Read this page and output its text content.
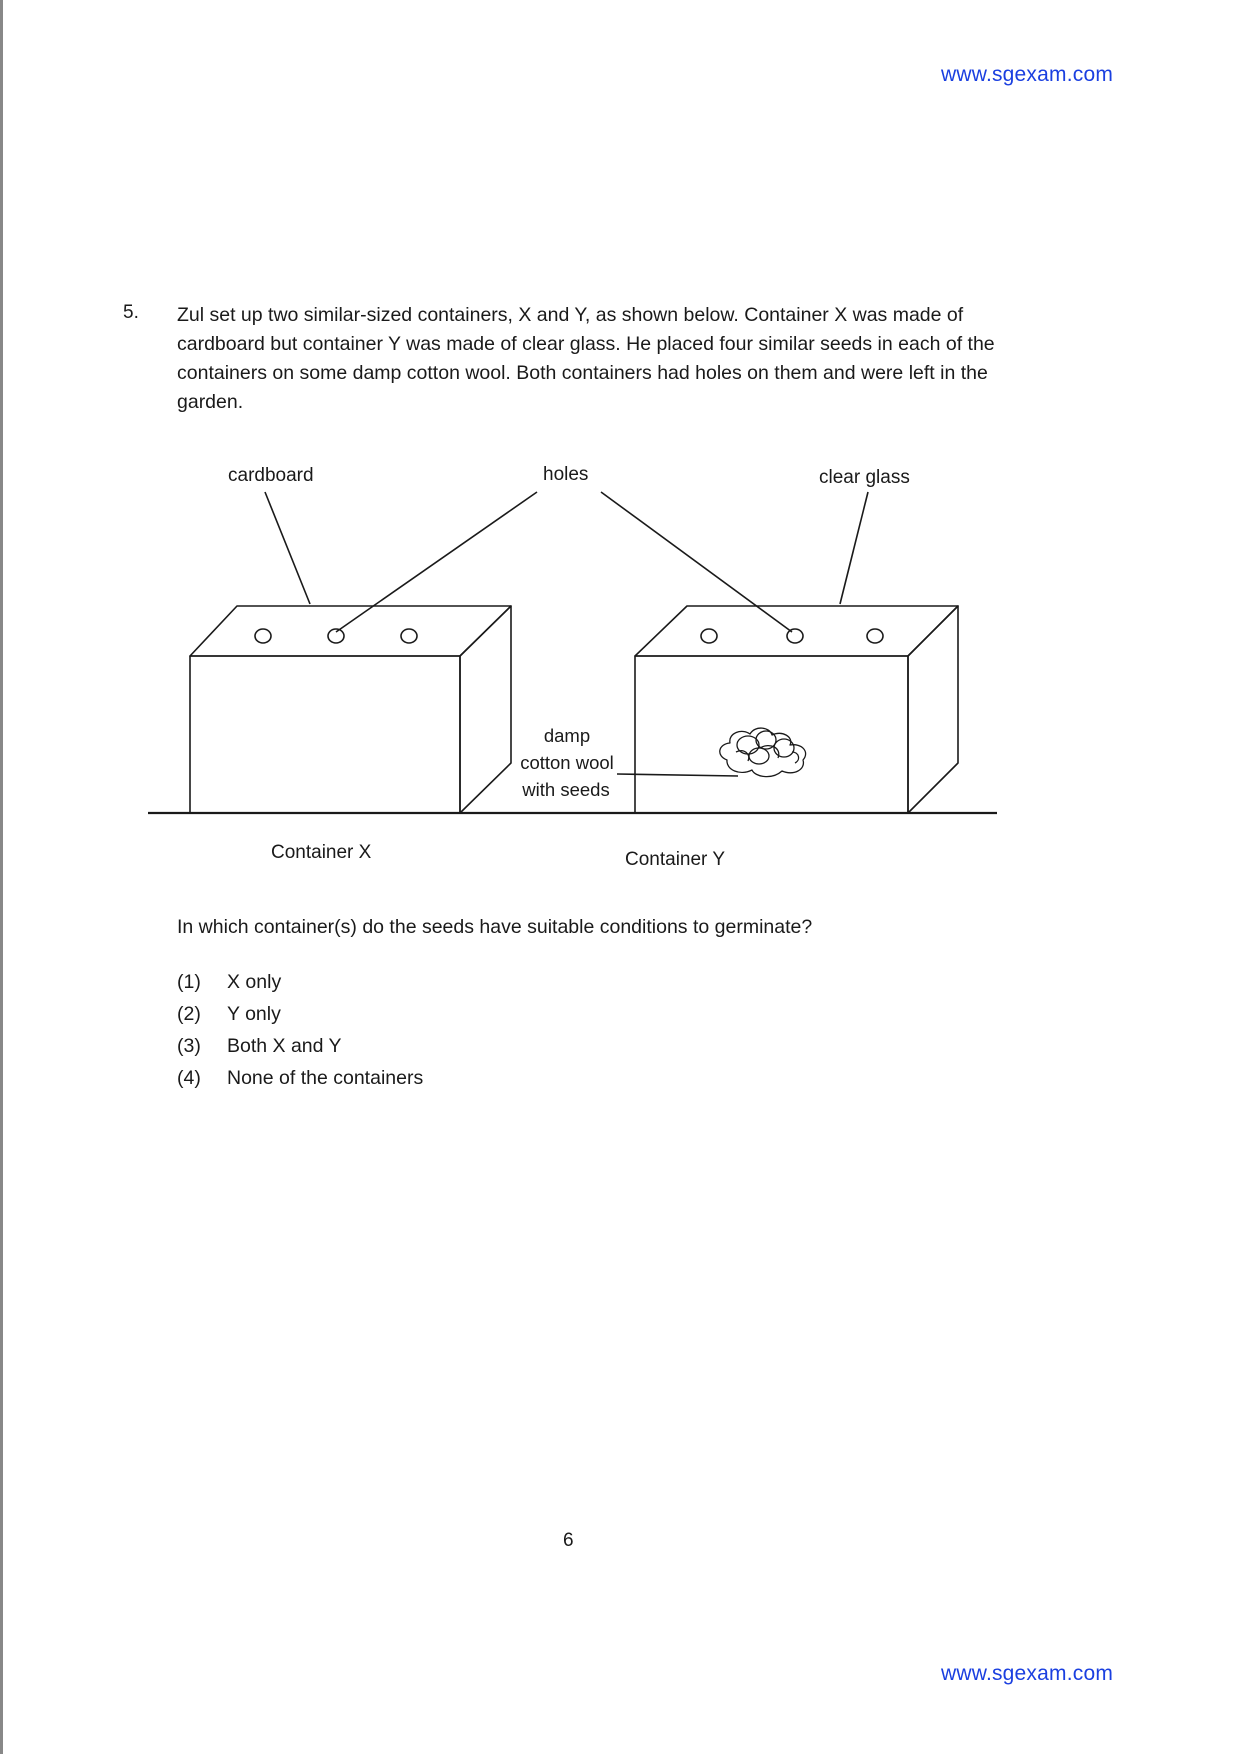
www.sgexam.com
5. Zul set up two similar-sized containers, X and Y, as shown below. Container X was made of cardboard but container Y was made of clear glass. He placed four similar seeds in each of the containers on some damp cotton wool. Both containers had holes on them and were left in the garden.
cardboard	holes	clear glass
damp
cotton wool
with seeds
Container X	Container Y
In which container(s) do the seeds have suitable conditions to germinate?
(1) X only
(2) Y only
(3) Both X and Y
(4) None of the containers
6
www.sgexam.com
